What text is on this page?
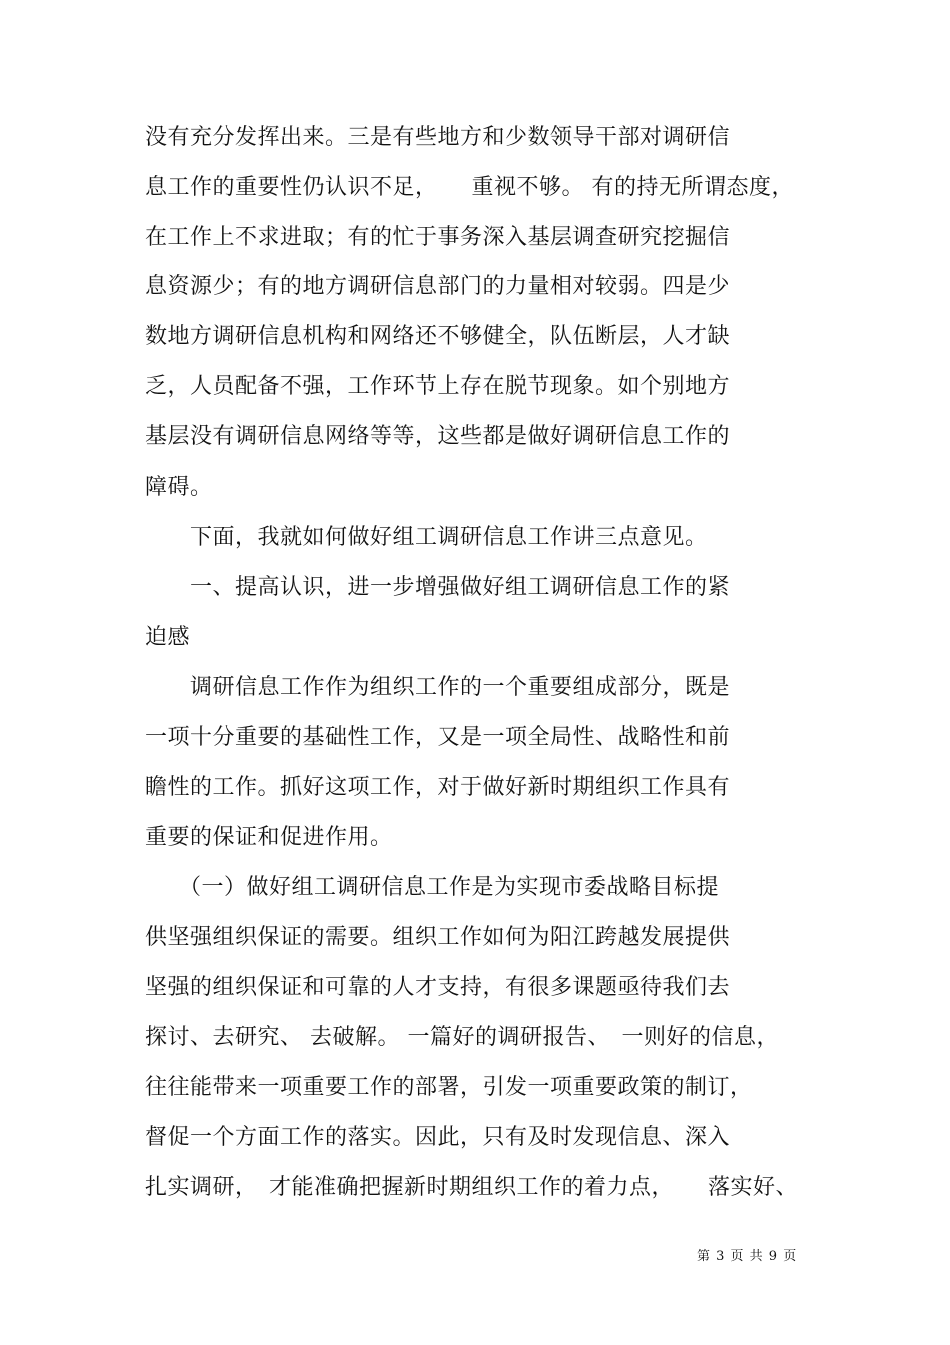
没有充分发挥出来。三是有些地方和少数领导干部对调研信
息工作的重要性仍认识不足，　　重视不够。 有的持无所谓态度，
在工作上不求进取；有的忙于事务深入基层调查研究挖掘信
息资源少；有的地方调研信息部门的力量相对较弱。四是少
数地方调研信息机构和网络还不够健全，队伍断层，人才缺
乏，人员配备不强，工作环节上存在脱节现象。如个别地方
基层没有调研信息网络等等，这些都是做好调研信息工作的
障碍。
　　下面，我就如何做好组工调研信息工作讲三点意见。
　　一、提高认识，进一步增强做好组工调研信息工作的紧
迫感
　　调研信息工作作为组织工作的一个重要组成部分，既是
一项十分重要的基础性工作，又是一项全局性、战略性和前
瞻性的工作。抓好这项工作，对于做好新时期组织工作具有
重要的保证和促进作用。
　　（一）做好组工调研信息工作是为实现市委战略目标提
供坚强组织保证的需要。组织工作如何为阳江跨越发展提供
坚强的组织保证和可靠的人才支持，有很多课题亟待我们去
探讨、去研究、 去破解。 一篇好的调研报告、　一则好的信息，
往往能带来一项重要工作的部署，引发一项重要政策的制订，
督促一个方面工作的落实。因此，只有及时发现信息、深入
扎实调研，　才能准确把握新时期组织工作的着力点，　　落实好、
第 3 页 共 9 页
